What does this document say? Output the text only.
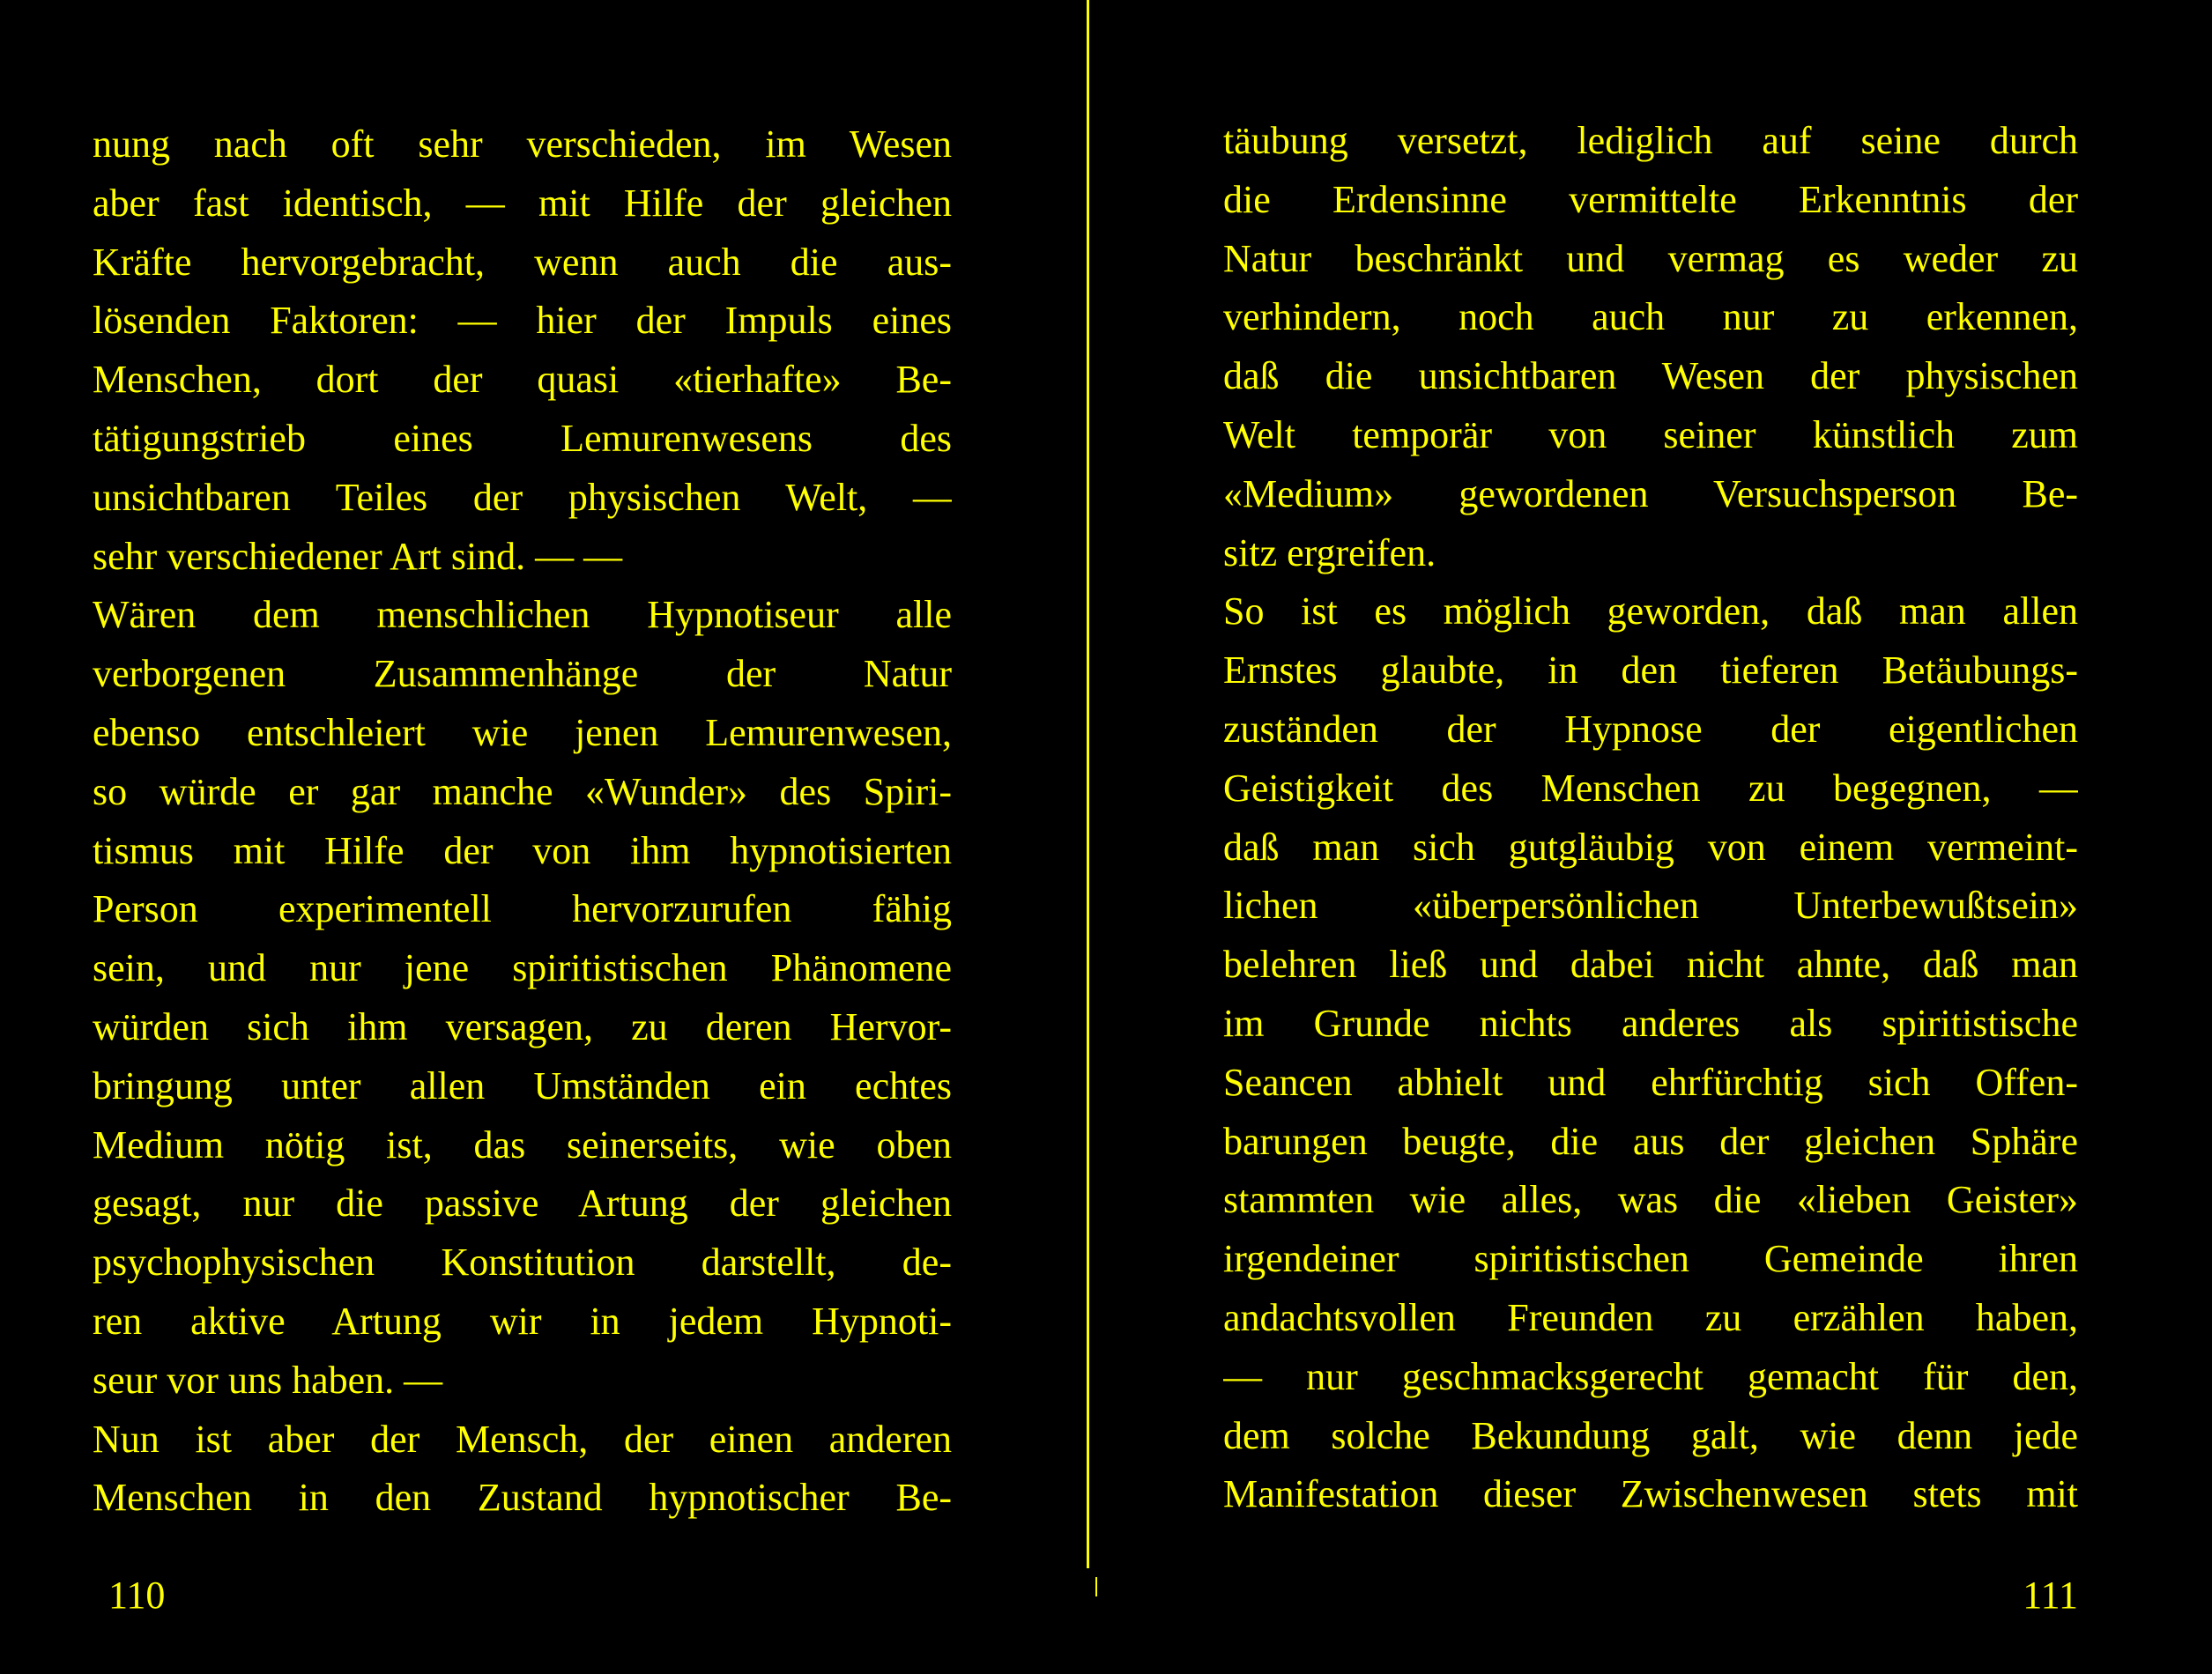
nung nach oft sehr verschieden, im Wesen
aber fast identisch, — mit Hilfe der gleichen
Kräfte hervorgebracht, wenn auch die aus-
lösenden Faktoren: — hier der Impuls eines
Menschen, dort der quasi «tierhafte» Be-
tätigungstrieb eines Lemurenwesens des
unsichtbaren Teiles der physischen Welt, —
sehr verschiedener Art sind. — —
Wären dem menschlichen Hypnotiseur alle
verborgenen Zusammenhänge der Natur
ebenso entschleiert wie jenen Lemurenwesen,
so würde er gar manche «Wunder» des Spiri-
tismus mit Hilfe der von ihm hypnotisierten
Person experimentell hervorzurufen fähig
sein, und nur jene spiritistischen Phänomene
würden sich ihm versagen, zu deren Hervor-
bringung unter allen Umständen ein echtes
Medium nötig ist, das seinerseits, wie oben
gesagt, nur die passive Artung der gleichen
psychophysischen Konstitution darstellt, de-
ren aktive Artung wir in jedem Hypnoti-
seur vor uns haben. —
Nun ist aber der Mensch, der einen anderen
Menschen in den Zustand hypnotischer Be-
110
täubung versetzt, lediglich auf seine durch
die Erdensinne vermittelte Erkenntnis der
Natur beschränkt und vermag es weder zu
verhindern, noch auch nur zu erkennen,
daß die unsichtbaren Wesen der physischen
Welt temporär von seiner künstlich zum
«Medium» gewordenen Versuchsperson Be-
sitz ergreifen.
So ist es möglich geworden, daß man allen
Ernstes glaubte, in den tieferen Betäubungs-
zuständen der Hypnose der eigentlichen
Geistigkeit des Menschen zu begegnen, —
daß man sich gutgläubig von einem vermeint-
lichen «überpersönlichen Unterbewußtsein»
belehren ließ und dabei nicht ahnte, daß man
im Grunde nichts anderes als spiritistische
Seancen abhielt und ehrfürchtig sich Offen-
barungen beugte, die aus der gleichen Sphäre
stammten wie alles, was die «lieben Geister»
irgendeiner spiritistischen Gemeinde ihren
andachtsvollen Freunden zu erzählen haben,
— nur geschmacksgerecht gemacht für den,
dem solche Bekundung galt, wie denn jede
Manifestation dieser Zwischenwesen stets mit
111
